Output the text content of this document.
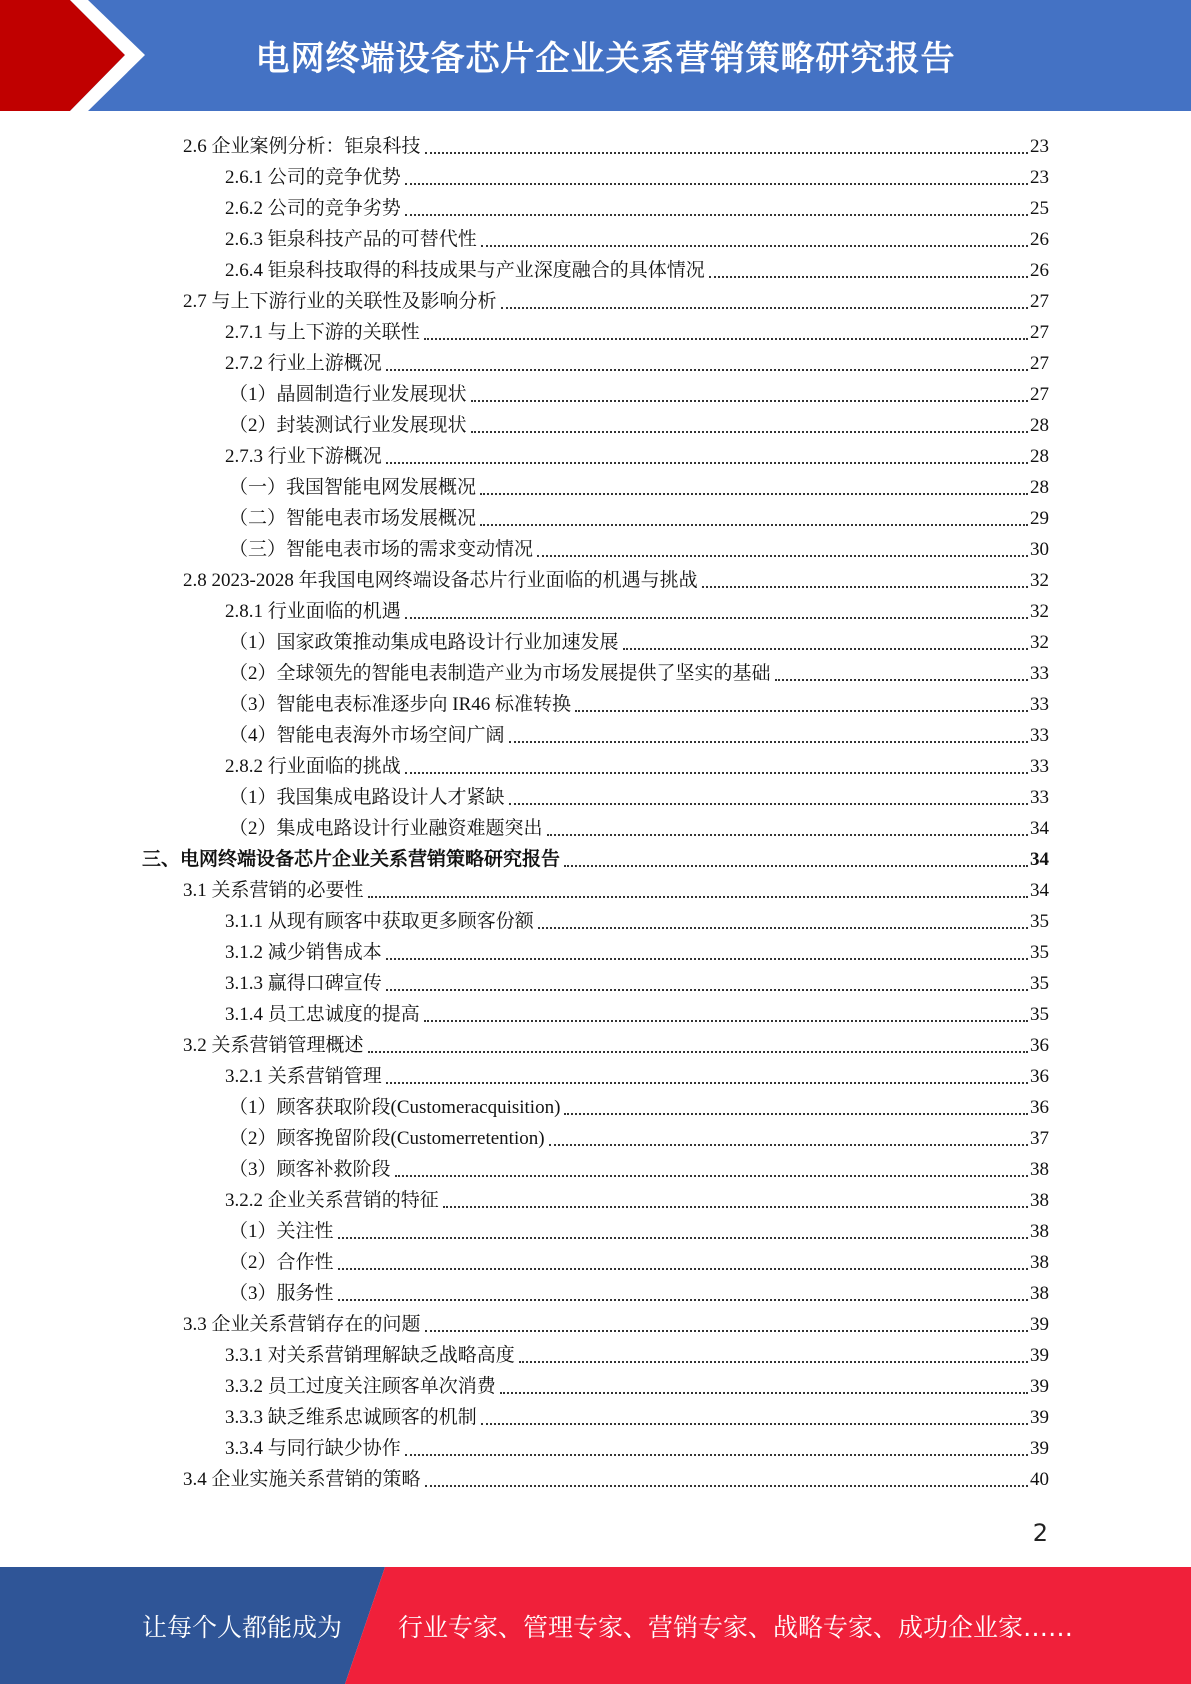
电网终端设备芯片企业关系营销策略研究报告
2.6 企业案例分析：钜泉科技	23
2.6.1 公司的竞争优势	23
2.6.2 公司的竞争劣势	25
2.6.3 钜泉科技产品的可替代性	26
2.6.4 钜泉科技取得的科技成果与产业深度融合的具体情况	26
2.7 与上下游行业的关联性及影响分析	27
2.7.1 与上下游的关联性	27
2.7.2 行业上游概况	27
（1）晶圆制造行业发展现状	27
（2）封装测试行业发展现状	28
2.7.3 行业下游概况	28
（一）我国智能电网发展概况	28
（二）智能电表市场发展概况	29
（三）智能电表市场的需求变动情况	30
2.8 2023-2028 年我国电网终端设备芯片行业面临的机遇与挑战	32
2.8.1 行业面临的机遇	32
（1）国家政策推动集成电路设计行业加速发展	32
（2）全球领先的智能电表制造产业为市场发展提供了坚实的基础	33
（3）智能电表标准逐步向 IR46 标准转换	33
（4）智能电表海外市场空间广阔	33
2.8.2 行业面临的挑战	33
（1）我国集成电路设计人才紧缺	33
（2）集成电路设计行业融资难题突出	34
三、电网终端设备芯片企业关系营销策略研究报告	34
3.1 关系营销的必要性	34
3.1.1 从现有顾客中获取更多顾客份额	35
3.1.2 减少销售成本	35
3.1.3 赢得口碑宣传	35
3.1.4 员工忠诚度的提高	35
3.2 关系营销管理概述	36
3.2.1 关系营销管理	36
（1）顾客获取阶段(Customeracquisition)	36
（2）顾客挽留阶段(Customerretention)	37
（3）顾客补救阶段	38
3.2.2 企业关系营销的特征	38
（1）关注性	38
（2）合作性	38
（3）服务性	38
3.3 企业关系营销存在的问题	39
3.3.1 对关系营销理解缺乏战略高度	39
3.3.2 员工过度关注顾客单次消费	39
3.3.3 缺乏维系忠诚顾客的机制	39
3.3.4 与同行缺少协作	39
3.4 企业实施关系营销的策略	40
2
让每个人都能成为 行业专家、管理专家、营销专家、战略专家、成功企业家……
